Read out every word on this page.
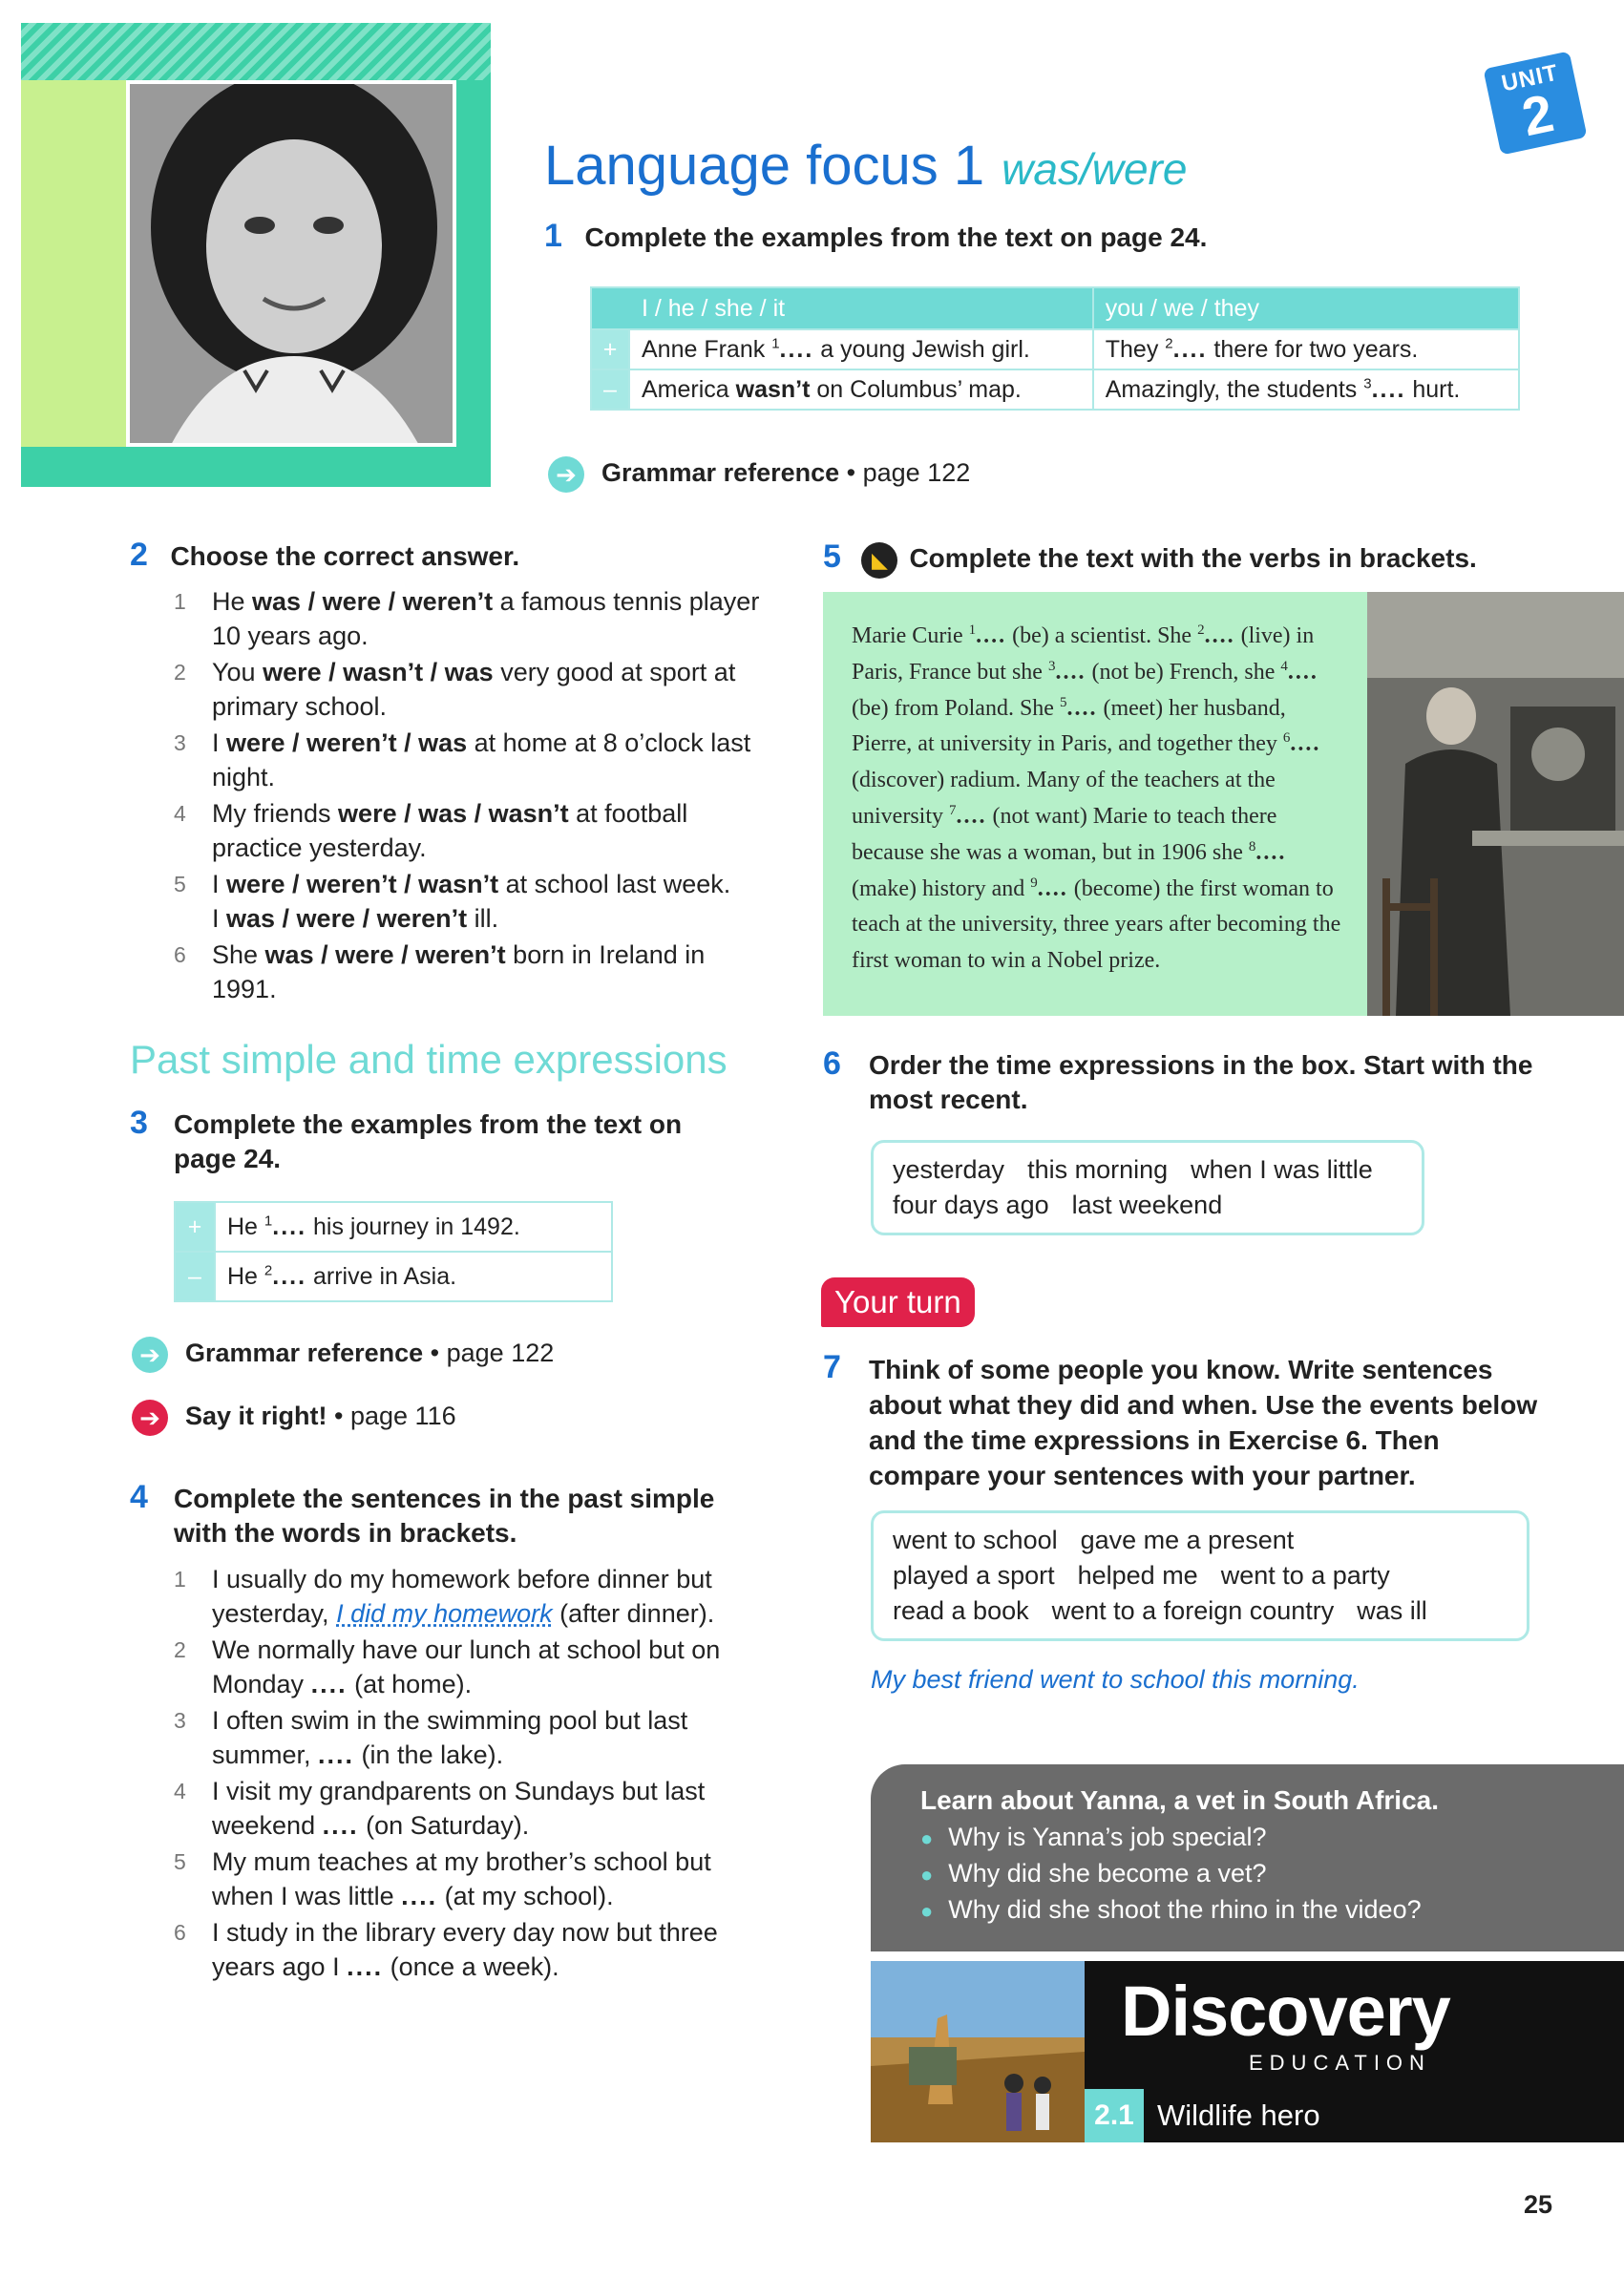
UNIT
2
Language focus 1 was/were
1 Complete the examples from the text on page 24.
I / he / she / it		you / we / they
+	Anne Frank $^1$.... a young Jewish girl.	They $^2$.... there for two years.
–	America wasn’t on Columbus’ map.	Amazingly, the students $^3$.... hurt.
➔ Grammar reference • page 122
2 Choose the correct answer.
1 He was / were / weren’t a famous tennis player 10 years ago.
2 You were / wasn’t / was very good at sport at primary school.
3 I were / weren’t / was at home at 8 o’clock last night.
4 My friends were / was / wasn’t at football practice yesterday.
5 I were / weren’t / wasn’t at school last week.
I was / were / weren’t ill.
6 She was / were / weren’t born in Ireland in 1991.
Past simple and time expressions
3 Complete the examples from the text on page 24.
+	He $^1$.... his journey in 1492.
–	He $^2$.... arrive in Asia.
➔ Grammar reference • page 122
➔ Say it right! • page 116
4 Complete the sentences in the past simple with the words in brackets.
1 I usually do my homework before dinner but yesterday, I did my homework (after dinner).
2 We normally have our lunch at school but on Monday .... (at home).
3 I often swim in the swimming pool but last summer, .... (in the lake).
4 I visit my grandparents on Sundays but last weekend .... (on Saturday).
5 My mum teaches at my brother’s school but when I was little .... (at my school).
6 I study in the library every day now but three years ago I .... (once a week).
5 ◣ Complete the text with the verbs in brackets.
Marie Curie $^1$.... (be) a scientist. She $^2$.... (live) in Paris, France but she $^3$.... (not be) French, she $^4$.... (be) from Poland. She $^5$.... (meet) her husband, Pierre, at university in Paris, and together they $^6$.... (discover) radium. Many of the teachers at the university $^7$.... (not want) Marie to teach there because she was a woman, but in 1906 she $^8$.... (make) history and $^9$.... (become) the first woman to teach at the university, three years after becoming the first woman to win a Nobel prize.
6 Order the time expressions in the box. Start with the most recent.
yesterday this morning when I was little
four days ago last weekend
Your turn
7 Think of some people you know. Write sentences about what they did and when. Use the events below and the time expressions in Exercise 6. Then compare your sentences with your partner.
went to school gave me a present
played a sport helped me went to a party
read a book went to a foreign country was ill
My best friend went to school this morning.
Learn about Yanna, a vet in South Africa.
● Why is Yanna’s job special?
● Why did she become a vet?
● Why did she shoot the rhino in the video?
Discovery
EDUCATION
2.1 Wildlife hero
25
